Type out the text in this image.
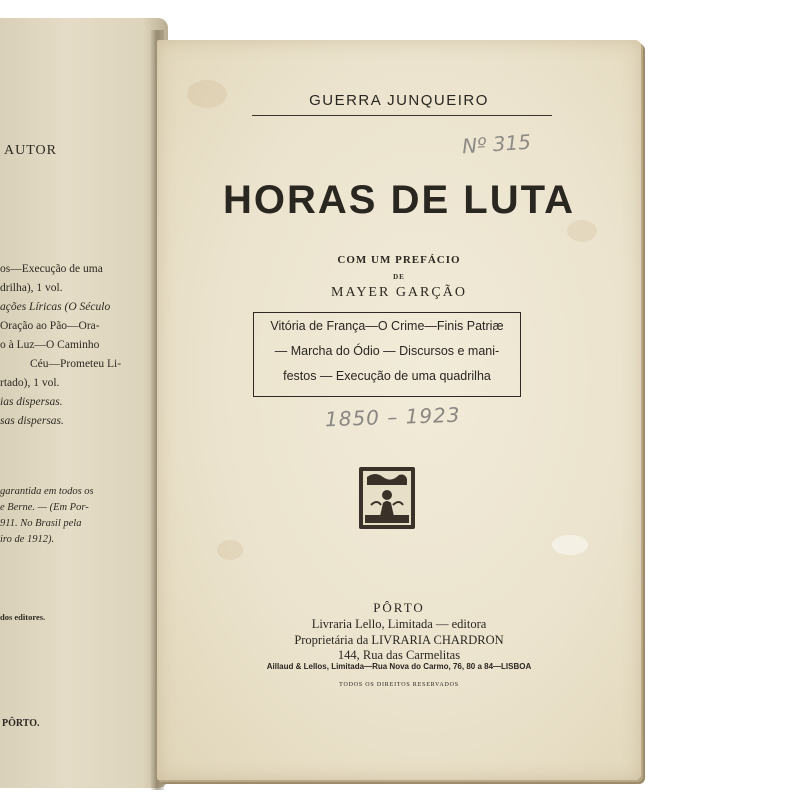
AUTOR
os—Execução de uma
drilha), 1 vol.
ações Líricas (O Século
Oração ao Pão—Ora-
o à Luz—O Caminho
Céu—Prometeu Li-
rtado), 1 vol.
ias dispersas.
sas dispersas.
garantida em todos os
e Berne. — (Em Por-
911. No Brasil pela
iro de 1912).
dos editores.
PÔRTO.
GUERRA JUNQUEIRO
Nº 315
HORAS DE LUTA
COM UM PREFÁCIO
DE
MAYER GARÇÃO
Vitória de França—O Crime—Finis Patriæ
— Marcha do Ódio — Discursos e mani-
festos — Execução de uma quadrilha
1850 – 1923
PÔRTO
Livraria Lello, Limitada — editora
Proprietária da LIVRARIA CHARDRON
144, Rua das Carmelitas
Aillaud & Lellos, Limitada—Rua Nova do Carmo, 76, 80 a 84—LISBOA
TODOS OS DIREITOS RESERVADOS
